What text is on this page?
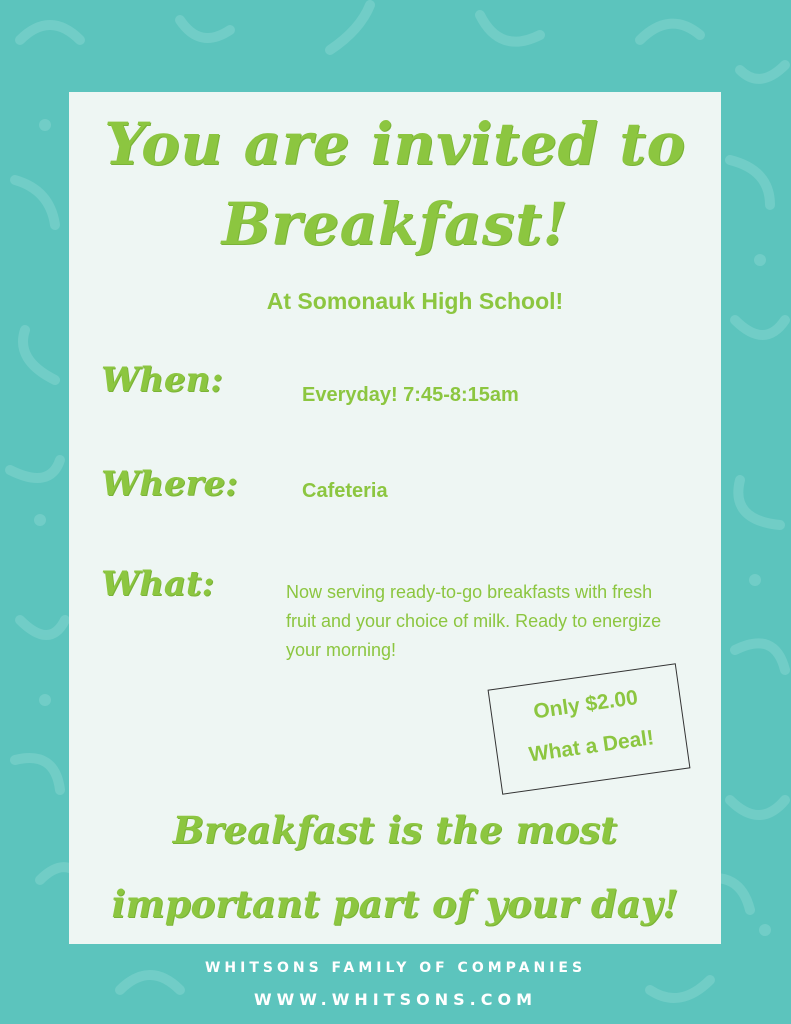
You are invited to
Breakfast!
At Somonauk High School!
When:	Everyday! 7:45-8:15am
Where:	Cafeteria
What:	Now serving ready-to-go breakfasts with fresh fruit and your choice of milk. Ready to energize your morning!
Only $2.00
What a Deal!
Breakfast is the most
important part of your day!
WHITSONS FAMILY OF COMPANIES
WWW.WHITSONS.COM
